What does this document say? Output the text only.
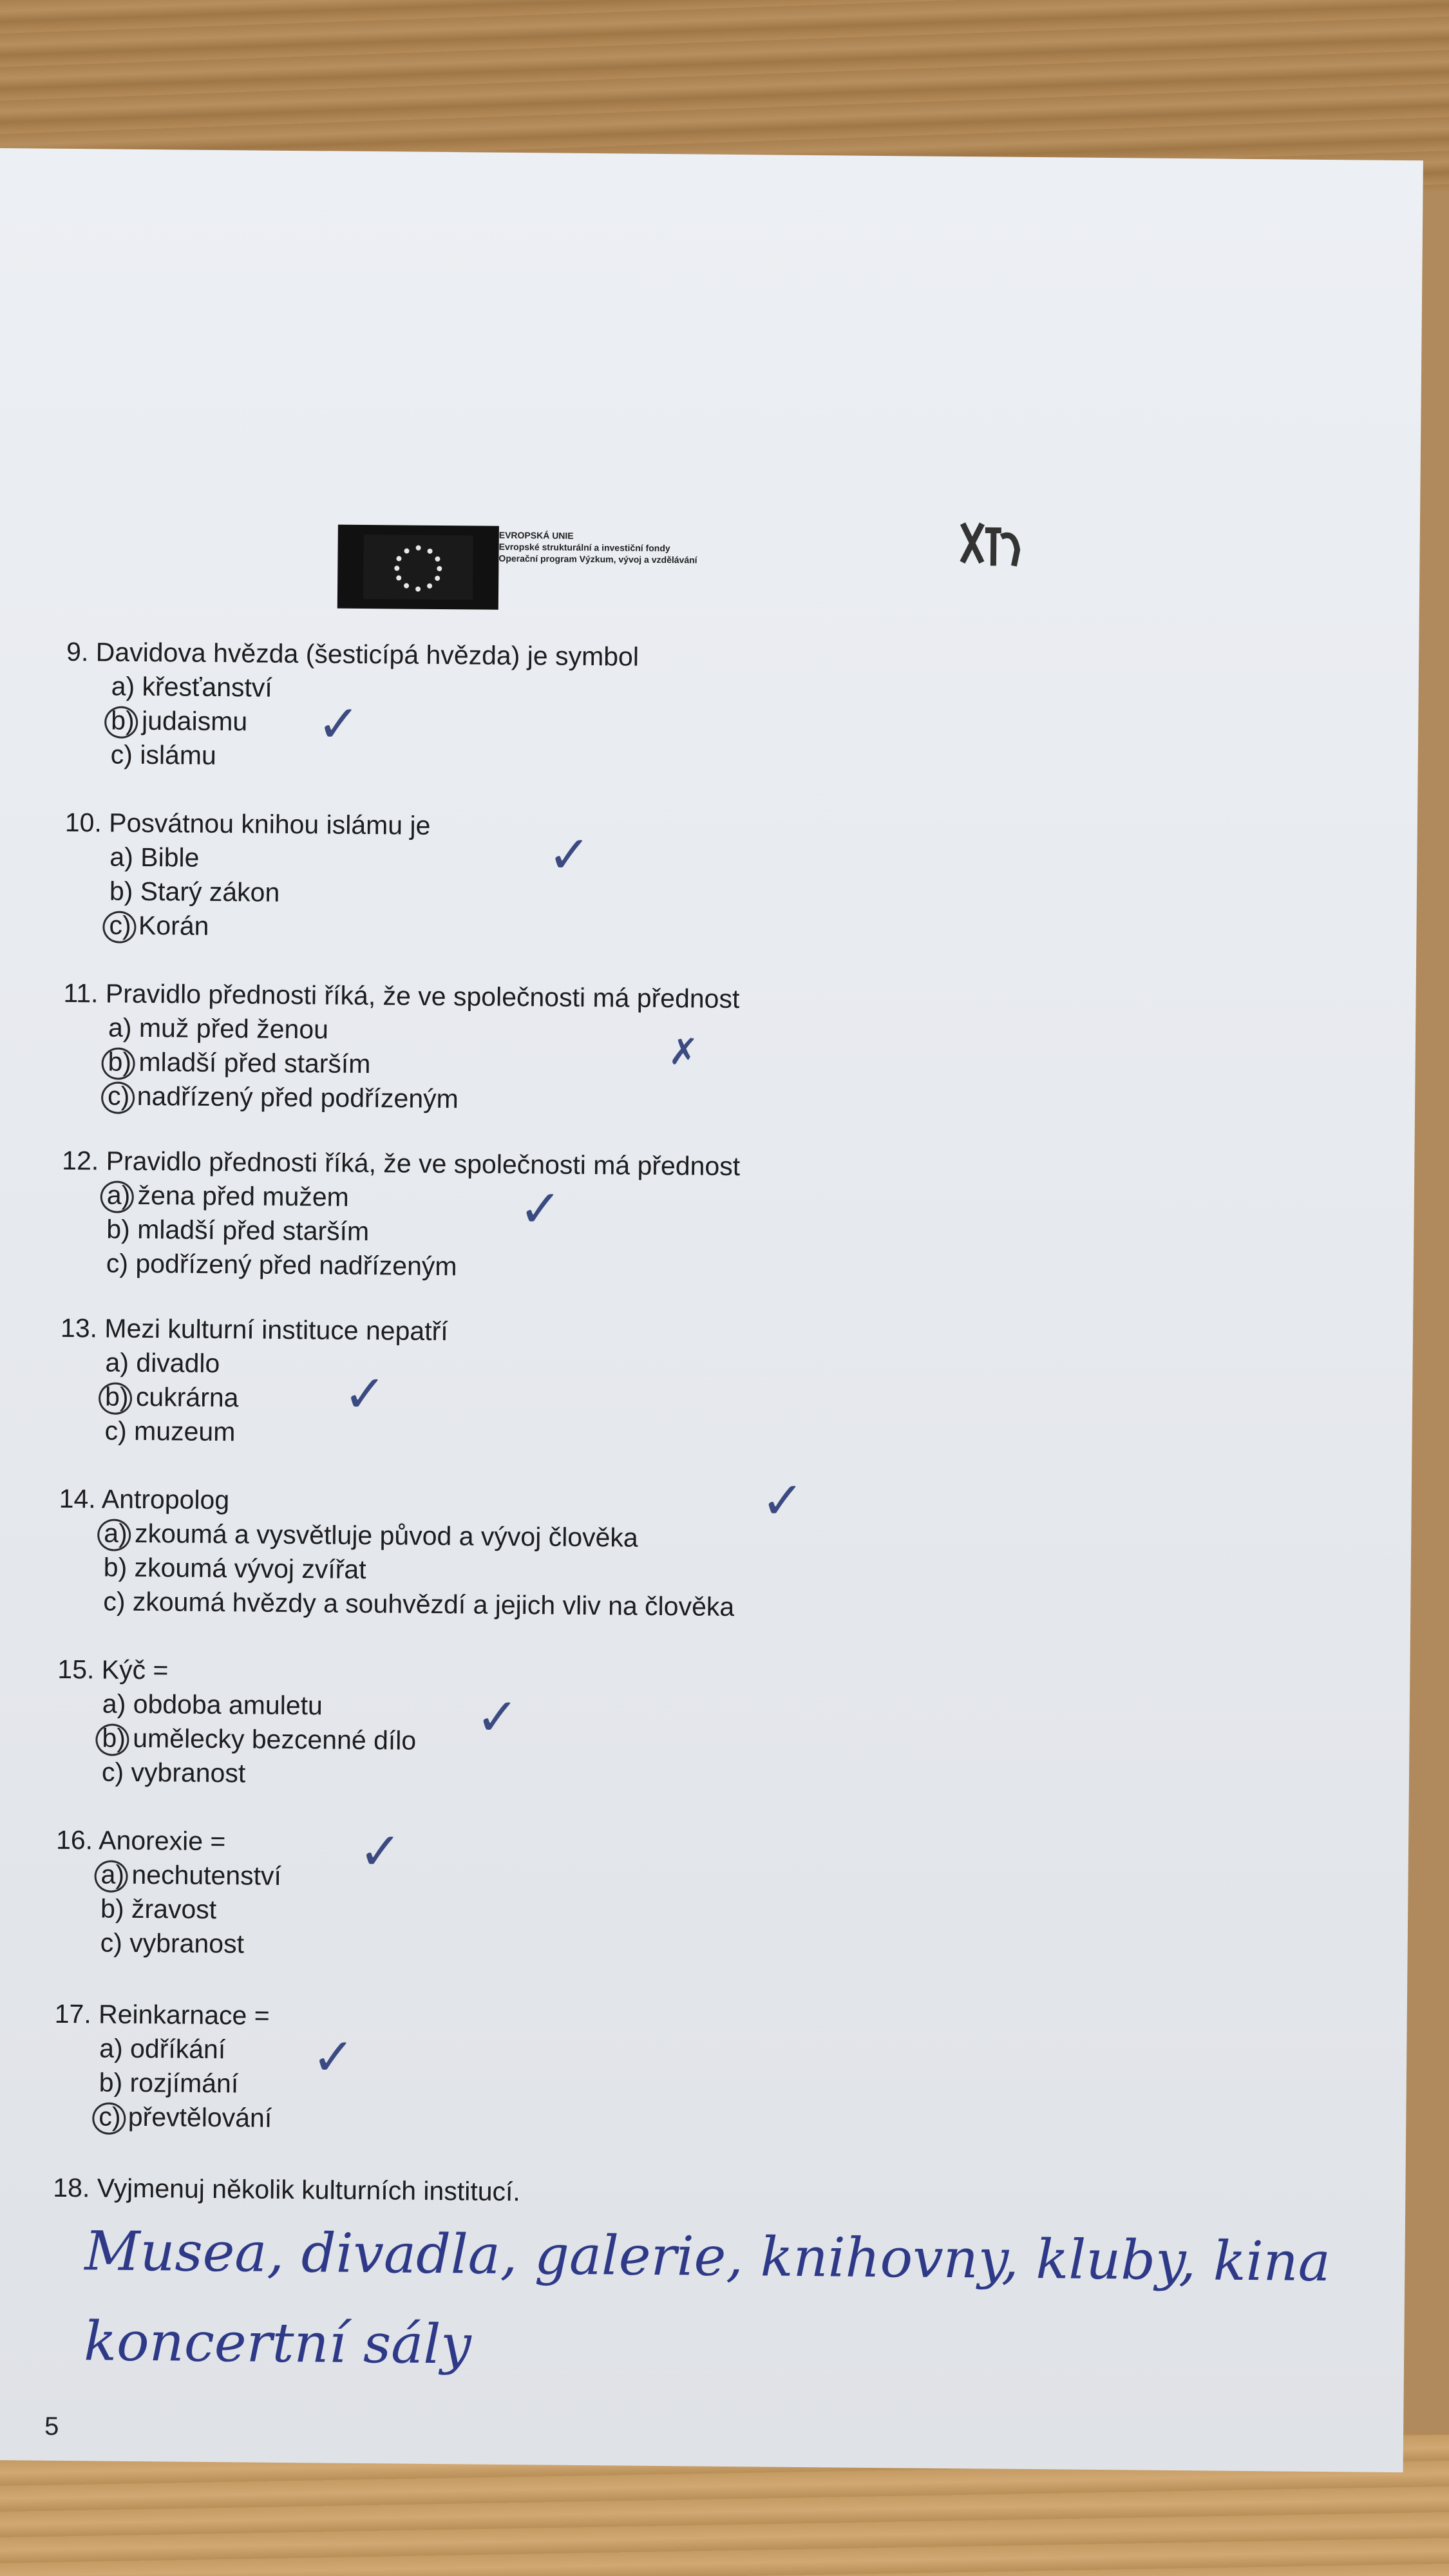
EVROPSKÁ UNIE
Evropské strukturální a investiční fondy
Operační program Výzkum, vývoj a vzdělávání
9. Davidova hvězda (šesticípá hvězda) je symbol
a) křesťanství
b) judaismu
c) islámu
✓
10. Posvátnou knihou islámu je
a) Bible
b) Starý zákon
c) Korán
✓
11. Pravidlo přednosti říká, že ve společnosti má přednost
a) muž před ženou
b) mladší před starším
c) nadřízený před podřízeným
✗
12. Pravidlo přednosti říká, že ve společnosti má přednost
a) žena před mužem
b) mladší před starším
c) podřízený před nadřízeným
✓
13. Mezi kulturní instituce nepatří
a) divadlo
b) cukrárna
c) muzeum
✓
14. Antropolog
a) zkoumá a vysvětluje původ a vývoj člověka
b) zkoumá vývoj zvířat
c) zkoumá hvězdy a souhvězdí a jejich vliv na člověka
✓
15. Kýč =
a) obdoba amuletu
b) umělecky bezcenné dílo
c) vybranost
✓
16. Anorexie =
a) nechutenství
b) žravost
c) vybranost
✓
17. Reinkarnace =
a) odříkání
b) rozjímání
c) převtělování
✓
18. Vyjmenuj několik kulturních institucí.
Musea, divadla, galerie, knihovny, kluby, kina
koncertní sály
5
